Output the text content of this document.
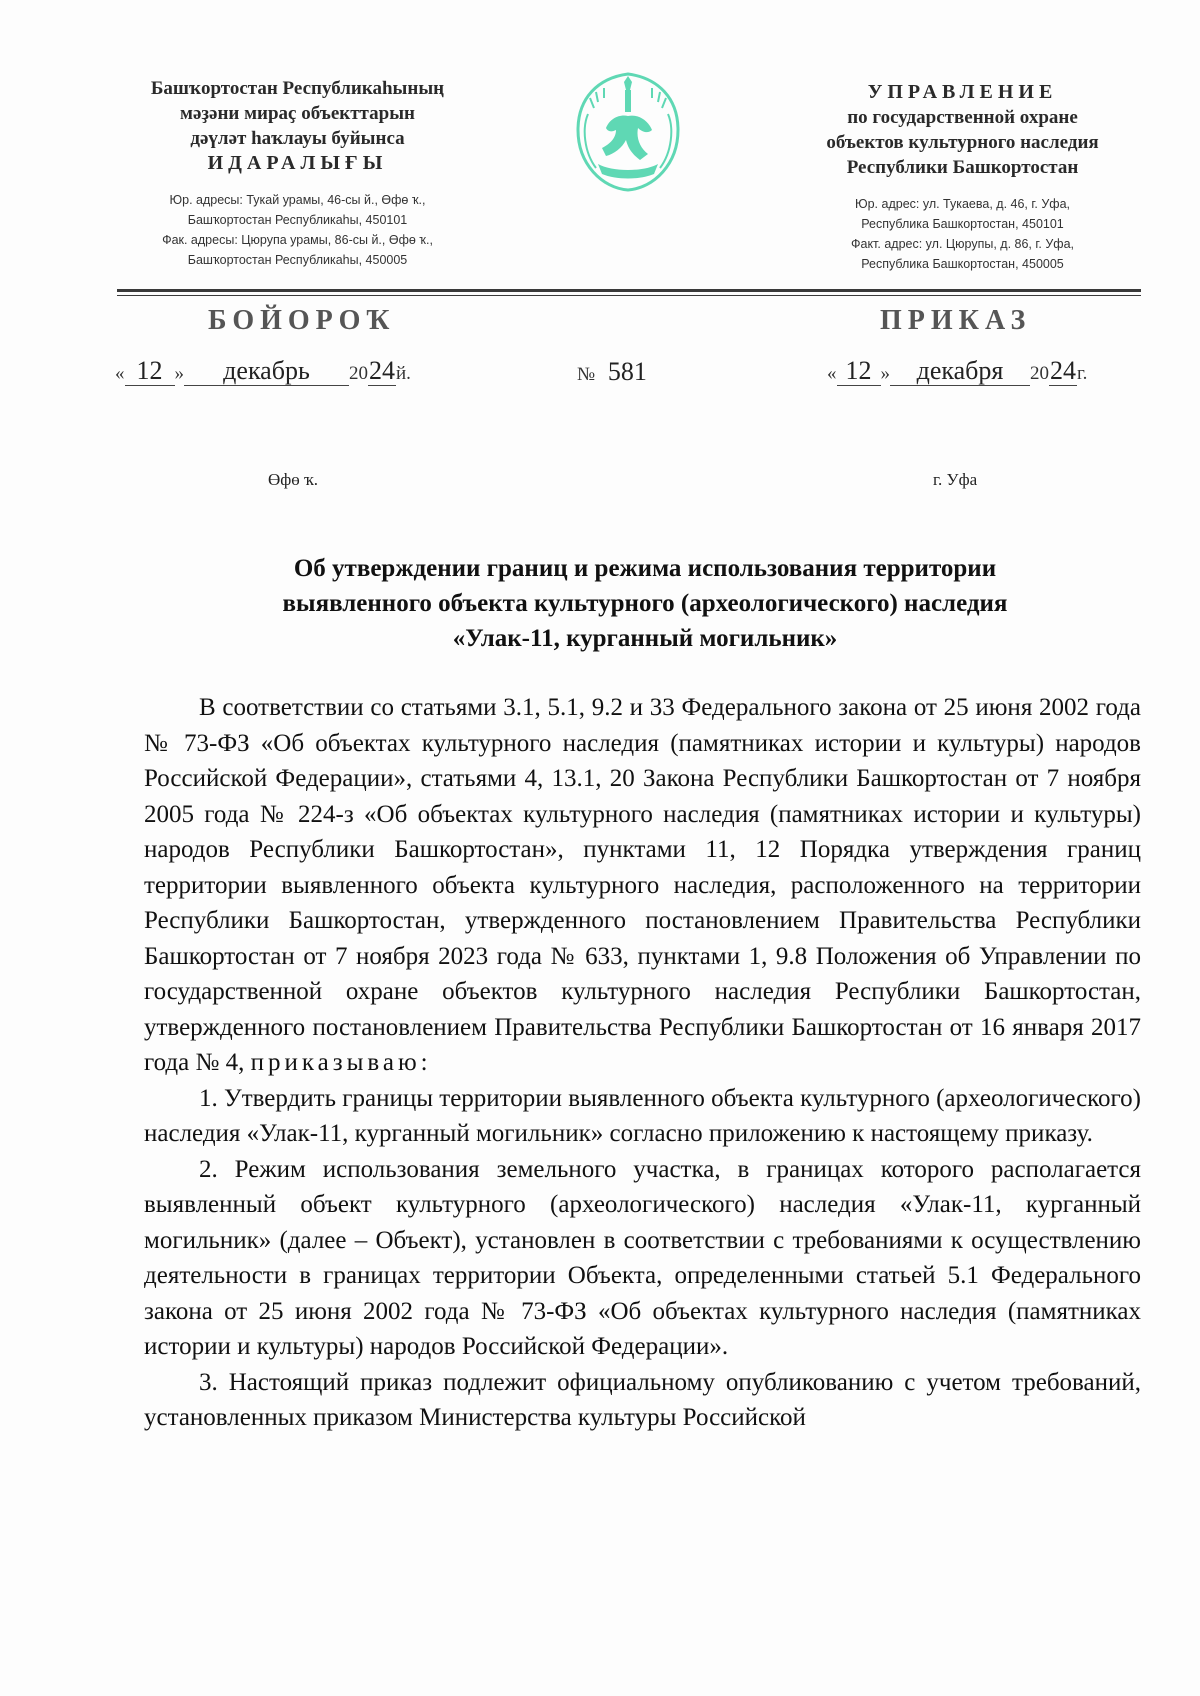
Башҡортостан Республикаһының
мәҙәни мираҫ объекттарын
дәүләт һаҡлауы буйынса
ИДАРАЛЫҒЫ
Юр. адресы: Тукай урамы, 46-сы й., Өфө ҡ.,
Башҡортостан Республикаһы, 450101
Фак. адресы: Цюрупа урамы, 86-сы й., Өфө ҡ.,
Башҡортостан Республикаһы, 450005
УПРАВЛЕНИЕ
по государственной охране
объектов культурного наследия
Республики Башкортостан
Юр. адрес: ул. Тукаева, д. 46, г. Уфа,
Республика Башкортостан, 450101
Факт. адрес: ул. Цюрупы, д. 86, г. Уфа,
Республика Башкортостан, 450005
БОЙОРОҠ	ПРИКАЗ
« 12 » декабрь 2024й.	№ 581	« 12 » декабря 2024г.
Өфө ҡ.	г. Уфа
Об утверждении границ и режима использования территории
выявленного объекта культурного (археологического) наследия
«Улак-11, курганный могильник»

В соответствии со статьями 3.1, 5.1, 9.2 и 33 Федерального закона от 25 июня 2002 года № 73-ФЗ «Об объектах культурного наследия (памятниках истории и культуры) народов Российской Федерации», статьями 4, 13.1, 20 Закона Республики Башкортостан от 7 ноября 2005 года № 224-з «Об объектах культурного наследия (памятниках истории и культуры) народов Республики Башкортостан», пунктами 11, 12 Порядка утверждения границ территории выявленного объекта культурного наследия, расположенного на территории Республики Башкортостан, утвержденного постановлением Правительства Республики Башкортостан от 7 ноября 2023 года № 633, пунктами 1, 9.8 Положения об Управлении по государственной охране объектов культурного наследия Республики Башкортостан, утвержденного постановлением Правительства Республики Башкортостан от 16 января 2017 года № 4, приказываю:

1. Утвердить границы территории выявленного объекта культурного (археологического) наследия «Улак-11, курганный могильник» согласно приложению к настоящему приказу.

2. Режим использования земельного участка, в границах которого располагается выявленный объект культурного (археологического) наследия «Улак-11, курганный могильник» (далее – Объект), установлен в соответствии с требованиями к осуществлению деятельности в границах территории Объекта, определенными статьей 5.1 Федерального закона от 25 июня 2002 года № 73-ФЗ «Об объектах культурного наследия (памятниках истории и культуры) народов Российской Федерации».

3. Настоящий приказ подлежит официальному опубликованию с учетом требований, установленных приказом Министерства культуры Российской
